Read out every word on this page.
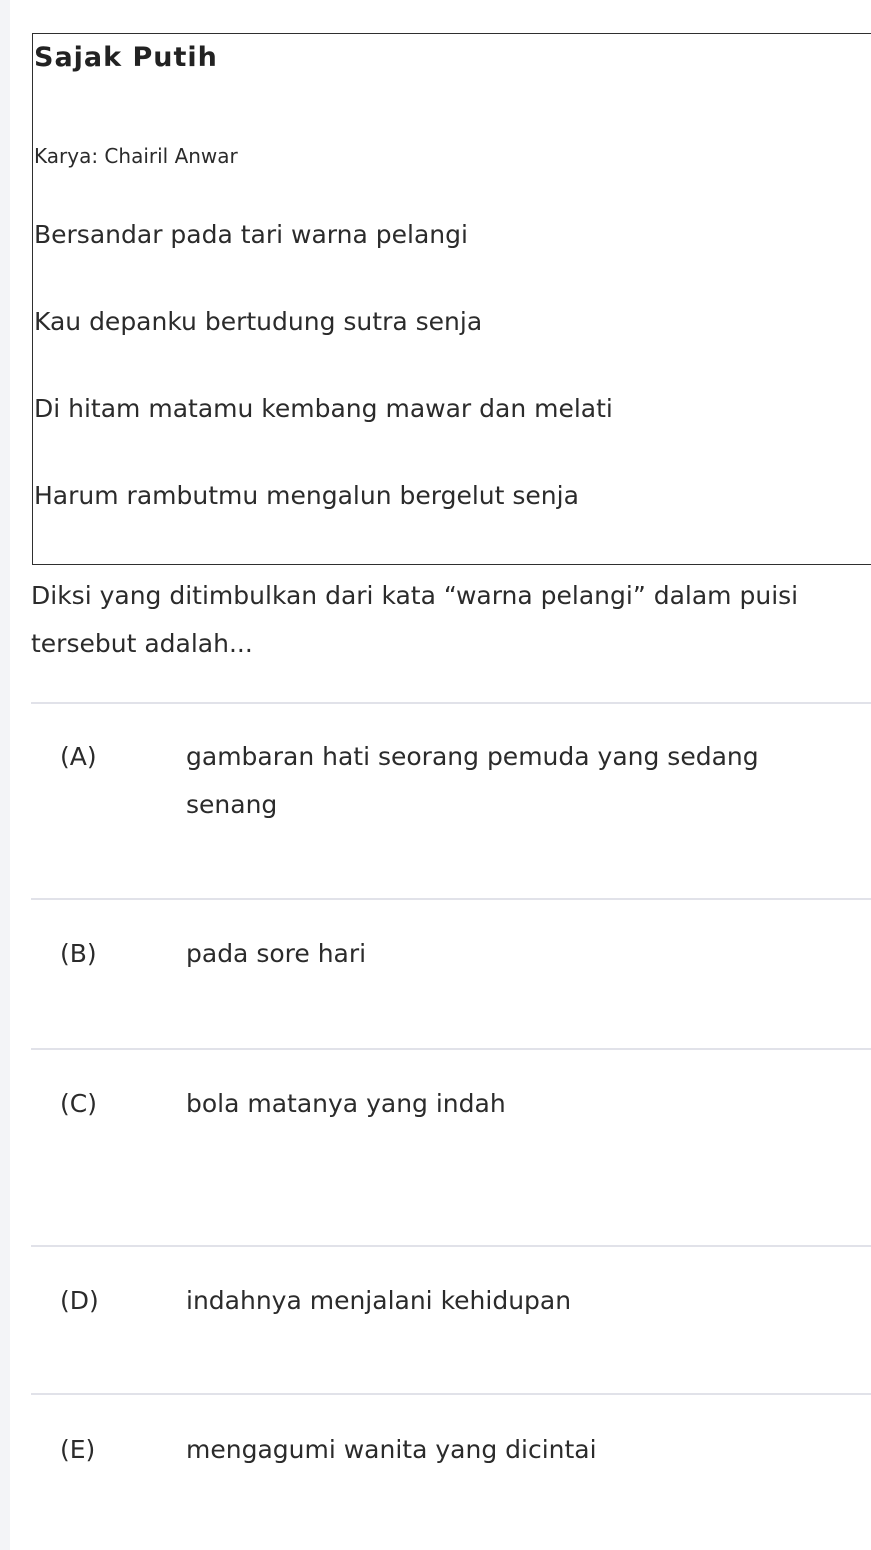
Sajak Putih
Karya: Chairil Anwar
Bersandar pada tari warna pelangi
Kau depanku bertudung sutra senja
Di hitam matamu kembang mawar dan melati
Harum rambutmu mengalun bergelut senja
Diksi yang ditimbulkan dari kata “warna pelangi” dalam puisi tersebut adalah...
(A)	gambaran hati seorang pemuda yang sedang senang
(B)	pada sore hari
(C)	bola matanya yang indah
(D)	indahnya menjalani kehidupan
(E)	mengagumi wanita yang dicintai
